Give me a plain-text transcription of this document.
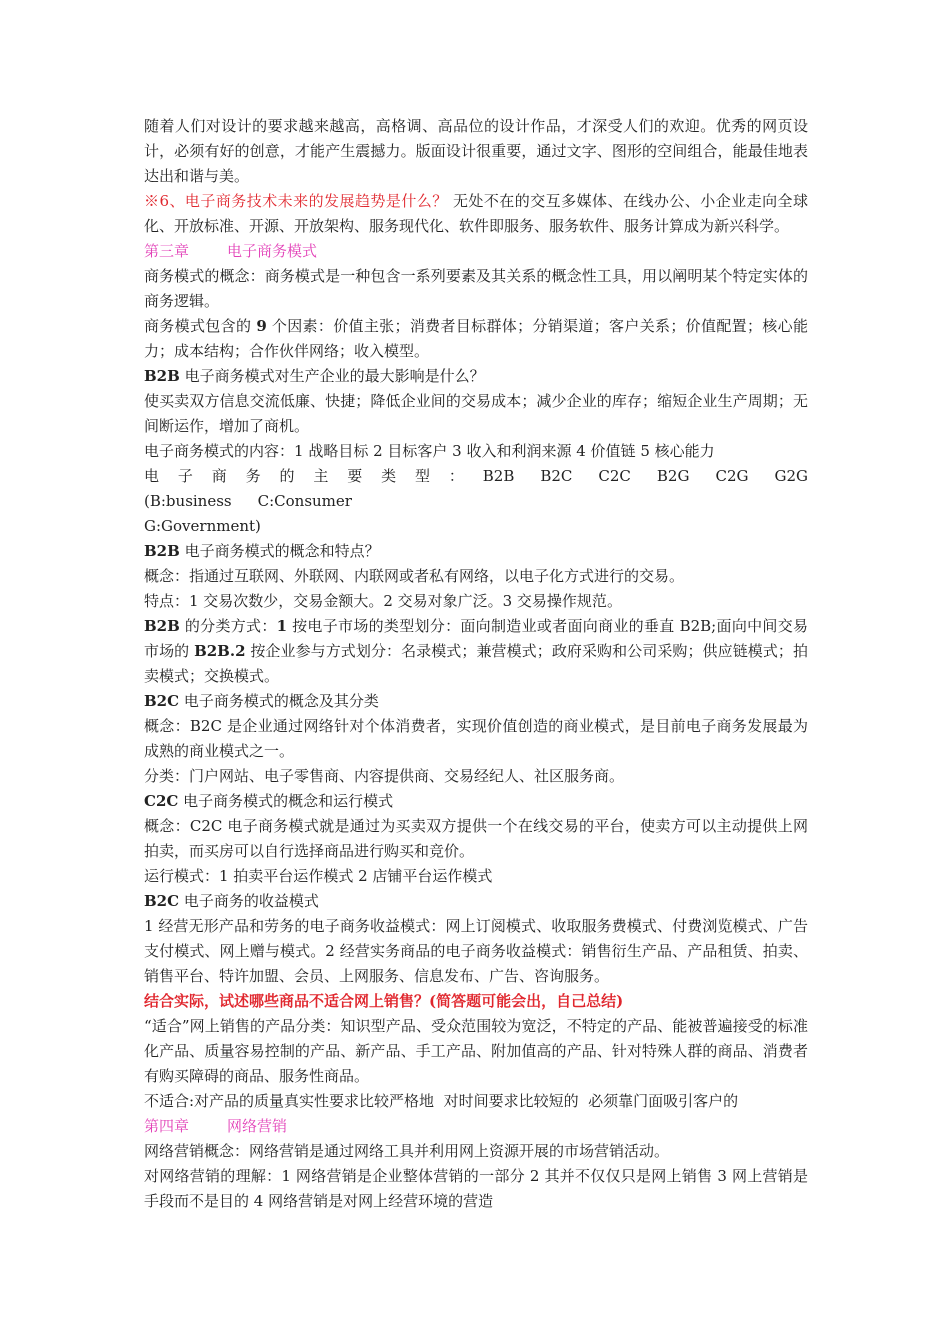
随着人们对设计的要求越来越高，高格调、高品位的设计作品，才深受人们的欢迎。优秀的网页设计，必须有好的创意，才能产生震撼力。版面设计很重要，通过文字、图形的空间组合，能最佳地表达出和谐与美。

※6、电子商务技术未来的发展趋势是什么？ 无处不在的交互多媒体、在线办公、小企业走向全球化、开放标准、开源、开放架构、服务现代化、软件即服务、服务软件、服务计算成为新兴科学。

第三章	电子商务模式

商务模式的概念：商务模式是一种包含一系列要素及其关系的概念性工具，用以阐明某个特定实体的商务逻辑。

商务模式包含的 9 个因素：价值主张；消费者目标群体；分销渠道；客户关系；价值配置；核心能力；成本结构；合作伙伴网络；收入模型。

B2B 电子商务模式对生产企业的最大影响是什么？

使买卖双方信息交流低廉、快捷；降低企业间的交易成本；减少企业的库存；缩短企业生产周期；无间断运作，增加了商机。

电子商务模式的内容：1 战略目标 2 目标客户 3 收入和利润来源 4 价值链 5 核心能力

电子商务的主要类型：B2B B2C C2C B2G C2G G2G (B:business C:Consumer
G:Government)

B2B 电子商务模式的概念和特点？

概念：指通过互联网、外联网、内联网或者私有网络，以电子化方式进行的交易。

特点：1 交易次数少，交易金额大。2 交易对象广泛。3 交易操作规范。

B2B 的分类方式：1 按电子市场的类型划分：面向制造业或者面向商业的垂直 B2B;面向中间交易市场的 B2B.2 按企业参与方式划分：名录模式；兼营模式；政府采购和公司采购；供应链模式；拍卖模式；交换模式。

B2C 电子商务模式的概念及其分类

概念：B2C 是企业通过网络针对个体消费者，实现价值创造的商业模式，是目前电子商务发展最为成熟的商业模式之一。

分类：门户网站、电子零售商、内容提供商、交易经纪人、社区服务商。

C2C 电子商务模式的概念和运行模式

概念：C2C 电子商务模式就是通过为买卖双方提供一个在线交易的平台，使卖方可以主动提供上网拍卖，而买房可以自行选择商品进行购买和竞价。

运行模式：1 拍卖平台运作模式 2 店铺平台运作模式

B2C 电子商务的收益模式

1 经营无形产品和劳务的电子商务收益模式：网上订阅模式、收取服务费模式、付费浏览模式、广告支付模式、网上赠与模式。2 经营实务商品的电子商务收益模式：销售衍生产品、产品租赁、拍卖、销售平台、特许加盟、会员、上网服务、信息发布、广告、咨询服务。

结合实际，试述哪些商品不适合网上销售？(简答题可能会出，自己总结)

“适合”网上销售的产品分类：知识型产品、受众范围较为宽泛，不特定的产品、能被普遍接受的标准化产品、质量容易控制的产品、新产品、手工产品、附加值高的产品、针对特殊人群的商品、消费者有购买障碍的商品、服务性商品。

不适合:对产品的质量真实性要求比较严格地  对时间要求比较短的  必须靠门面吸引客户的

第四章	网络营销

网络营销概念：网络营销是通过网络工具并利用网上资源开展的市场营销活动。

对网络营销的理解：1 网络营销是企业整体营销的一部分 2 其并不仅仅只是网上销售 3 网上营销是手段而不是目的 4 网络营销是对网上经营环境的营造
